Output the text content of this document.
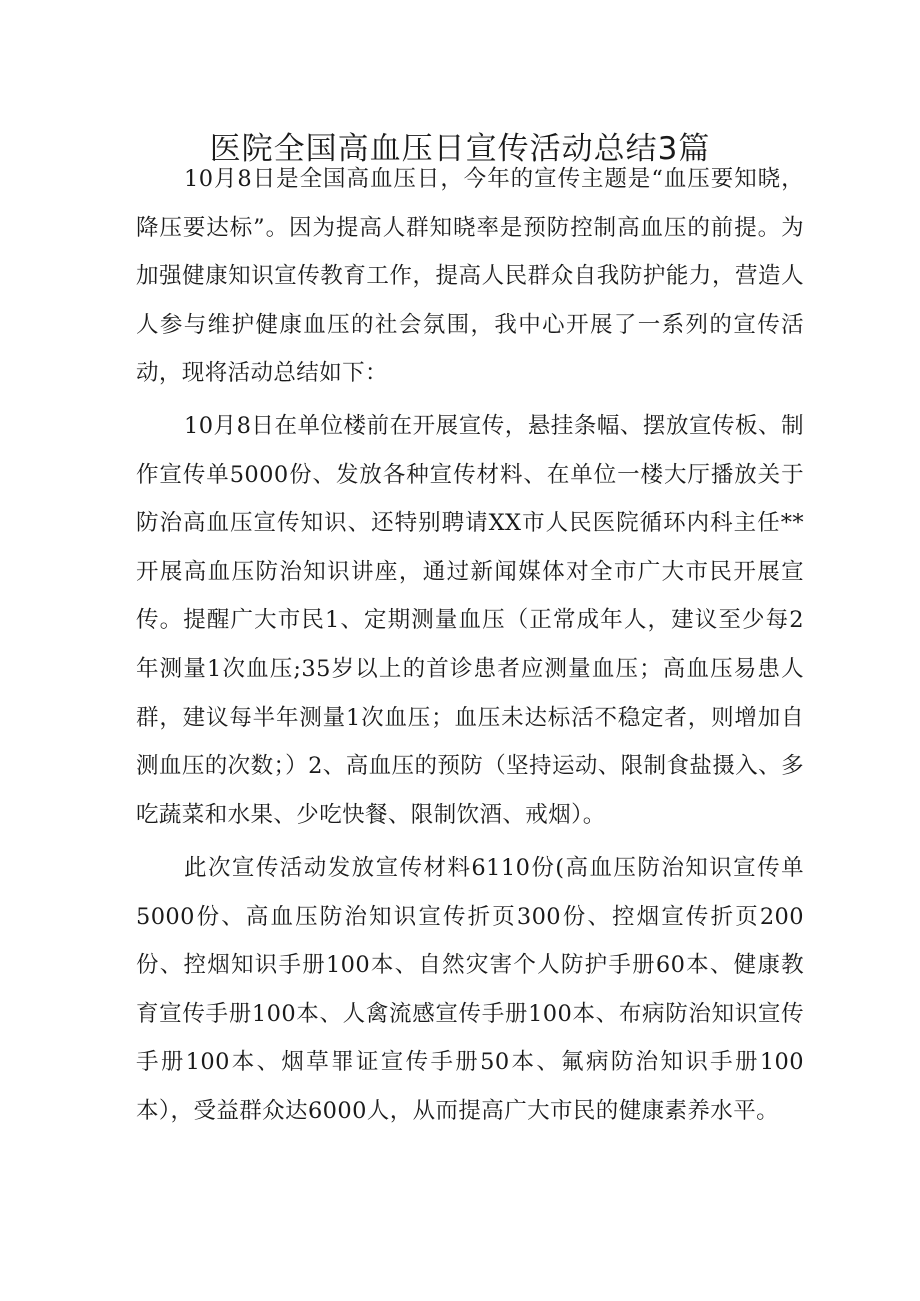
医院全国高血压日宣传活动总结3篇

10月8日是全国高血压日，今年的宣传主题是“血压要知晓，降压要达标”。因为提高人群知晓率是预防控制高血压的前提。为加强健康知识宣传教育工作，提高人民群众自我防护能力，营造人人参与维护健康血压的社会氛围，我中心开展了一系列的宣传活动，现将活动总结如下：

10月8日在单位楼前在开展宣传，悬挂条幅、摆放宣传板、制作宣传单5000份、发放各种宣传材料、在单位一楼大厅播放关于防治高血压宣传知识、还特别聘请XX市人民医院循环内科主任**开展高血压防治知识讲座，通过新闻媒体对全市广大市民开展宣传。提醒广大市民1、定期测量血压（正常成年人，建议至少每2年测量1次血压;35岁以上的首诊患者应测量血压；高血压易患人群，建议每半年测量1次血压；血压未达标活不稳定者，则增加自测血压的次数；）2、高血压的预防（坚持运动、限制食盐摄入、多吃蔬菜和水果、少吃快餐、限制饮酒、戒烟）。

此次宣传活动发放宣传材料6110份(高血压防治知识宣传单5000份、高血压防治知识宣传折页300份、控烟宣传折页200份、控烟知识手册100本、自然灾害个人防护手册60本、健康教育宣传手册100本、人禽流感宣传手册100本、布病防治知识宣传手册100本、烟草罪证宣传手册50本、氟病防治知识手册100本），受益群众达6000人，从而提高广大市民的健康素养水平。
